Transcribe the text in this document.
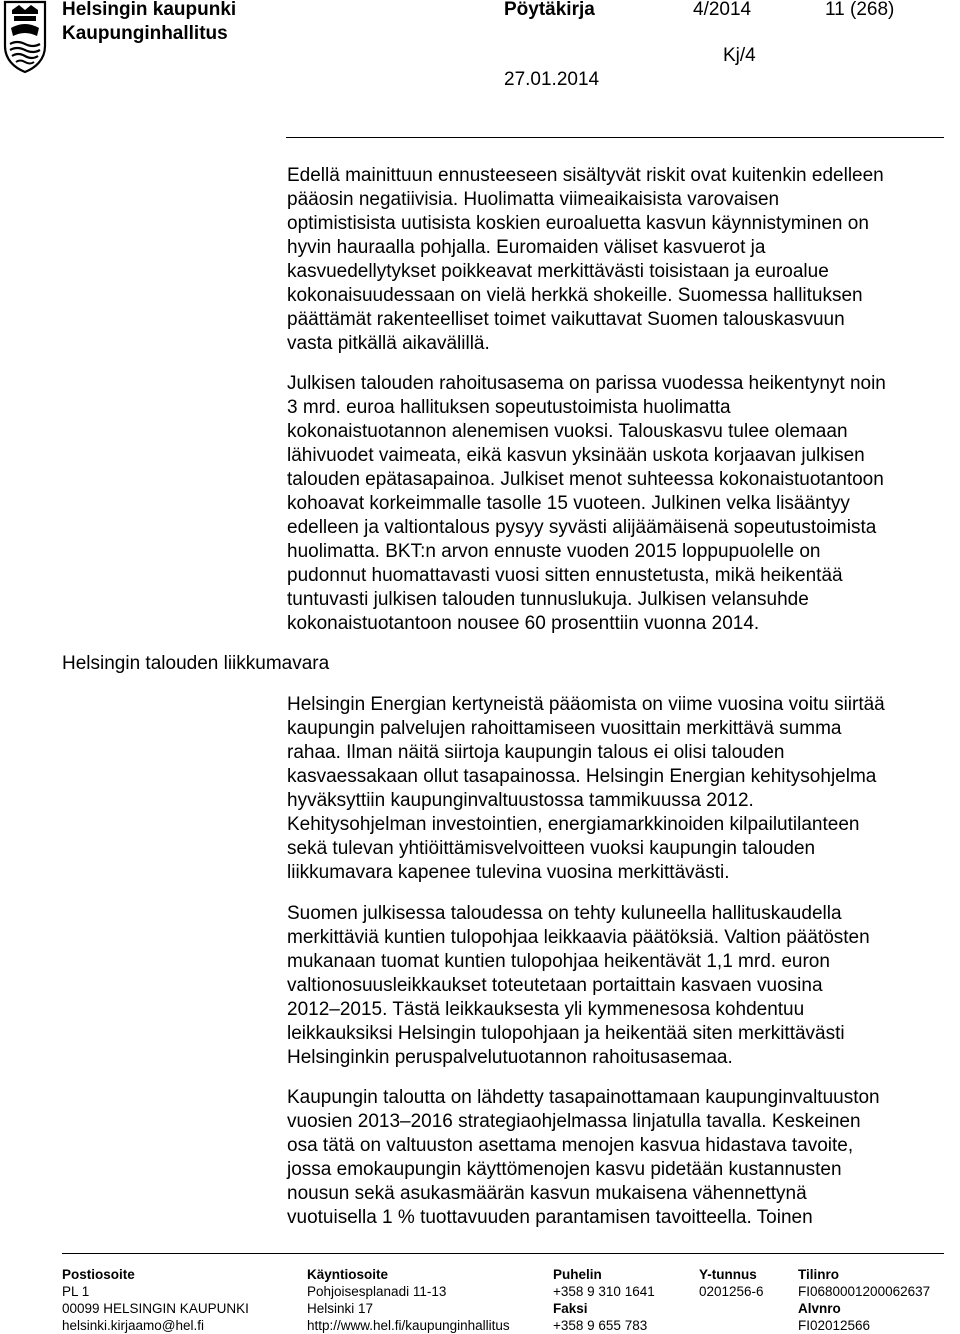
Helsingin kaupunki
Kaupunginhallitus
Pöytäkirja	4/2014	11 (268)
Kj/4
27.01.2014
Helsingin talouden liikkumavara
Edellä mainittuun ennusteeseen sisältyvät riskit ovat kuitenkin edelleen
pääosin negatiivisia. Huolimatta viimeaikaisista varovaisen
optimistisista uutisista koskien euroaluetta kasvun käynnistyminen on
hyvin hauraalla pohjalla. Euromaiden väliset kasvuerot ja
kasvuedellytykset poikkeavat merkittävästi toisistaan ja euroalue
kokonaisuudessaan on vielä herkkä shokeille. Suomessa hallituksen
päättämät rakenteelliset toimet vaikuttavat Suomen talouskasvuun
vasta pitkällä aikavälillä.
Julkisen talouden rahoitusasema on parissa vuodessa heikentynyt noin
3 mrd. euroa hallituksen sopeutustoimista huolimatta
kokonaistuotannon alenemisen vuoksi. Talouskasvu tulee olemaan
lähivuodet vaimeata, eikä kasvun yksinään uskota korjaavan julkisen
talouden epätasapainoa. Julkiset menot suhteessa kokonaistuotantoon
kohoavat korkeimmalle tasolle 15 vuoteen. Julkinen velka lisääntyy
edelleen ja valtiontalous pysyy syvästi alijäämäisenä sopeutustoimista
huolimatta. BKT:n arvon ennuste vuoden 2015 loppupuolelle on
pudonnut huomattavasti vuosi sitten ennustetusta, mikä heikentää
tuntuvasti julkisen talouden tunnuslukuja. Julkisen velansuhde
kokonaistuotantoon nousee 60 prosenttiin vuonna 2014.
Helsingin Energian kertyneistä pääomista on viime vuosina voitu siirtää
kaupungin palvelujen rahoittamiseen vuosittain merkittävä summa
rahaa. Ilman näitä siirtoja kaupungin talous ei olisi talouden
kasvaessakaan ollut tasapainossa. Helsingin Energian kehitysohjelma
hyväksyttiin kaupunginvaltuustossa tammikuussa 2012.
Kehitysohjelman investointien, energiamarkkinoiden kilpailutilanteen
sekä tulevan yhtiöittämisvelvoitteen vuoksi kaupungin talouden
liikkumavara kapenee tulevina vuosina merkittävästi.
Suomen julkisessa taloudessa on tehty kuluneella hallituskaudella
merkittäviä kuntien tulopohjaa leikkaavia päätöksiä. Valtion päätösten
mukanaan tuomat kuntien tulopohjaa heikentävät 1,1 mrd. euron
valtionosuusleikkaukset toteutetaan portaittain kasvaen vuosina
2012–2015. Tästä leikkauksesta yli kymmenesosa kohdentuu
leikkauksiksi Helsingin tulopohjaan ja heikentää siten merkittävästi
Helsinginkin peruspalvelutuotannon rahoitusasemaa.
Kaupungin taloutta on lähdetty tasapainottamaan kaupunginvaltuuston
vuosien 2013–2016 strategiaohjelmassa linjatulla tavalla. Keskeinen
osa tätä on valtuuston asettama menojen kasvua hidastava tavoite,
jossa emokaupungin käyttömenojen kasvu pidetään kustannusten
nousun sekä asukasmäärän kasvun mukaisena vähennettynä
vuotuisella 1 % tuottavuuden parantamisen tavoitteella. Toinen
Postiosoite
PL 1
00099 HELSINGIN KAUPUNKI
helsinki.kirjaamo@hel.fi
Käyntiosoite
Pohjoisesplanadi 11-13
Helsinki 17
http://www.hel.fi/kaupunginhallitus
Puhelin
+358 9 310 1641
Faksi
+358 9 655 783
Y-tunnus
0201256-6
Tilinro
FI0680001200062637
Alvnro
FI02012566
